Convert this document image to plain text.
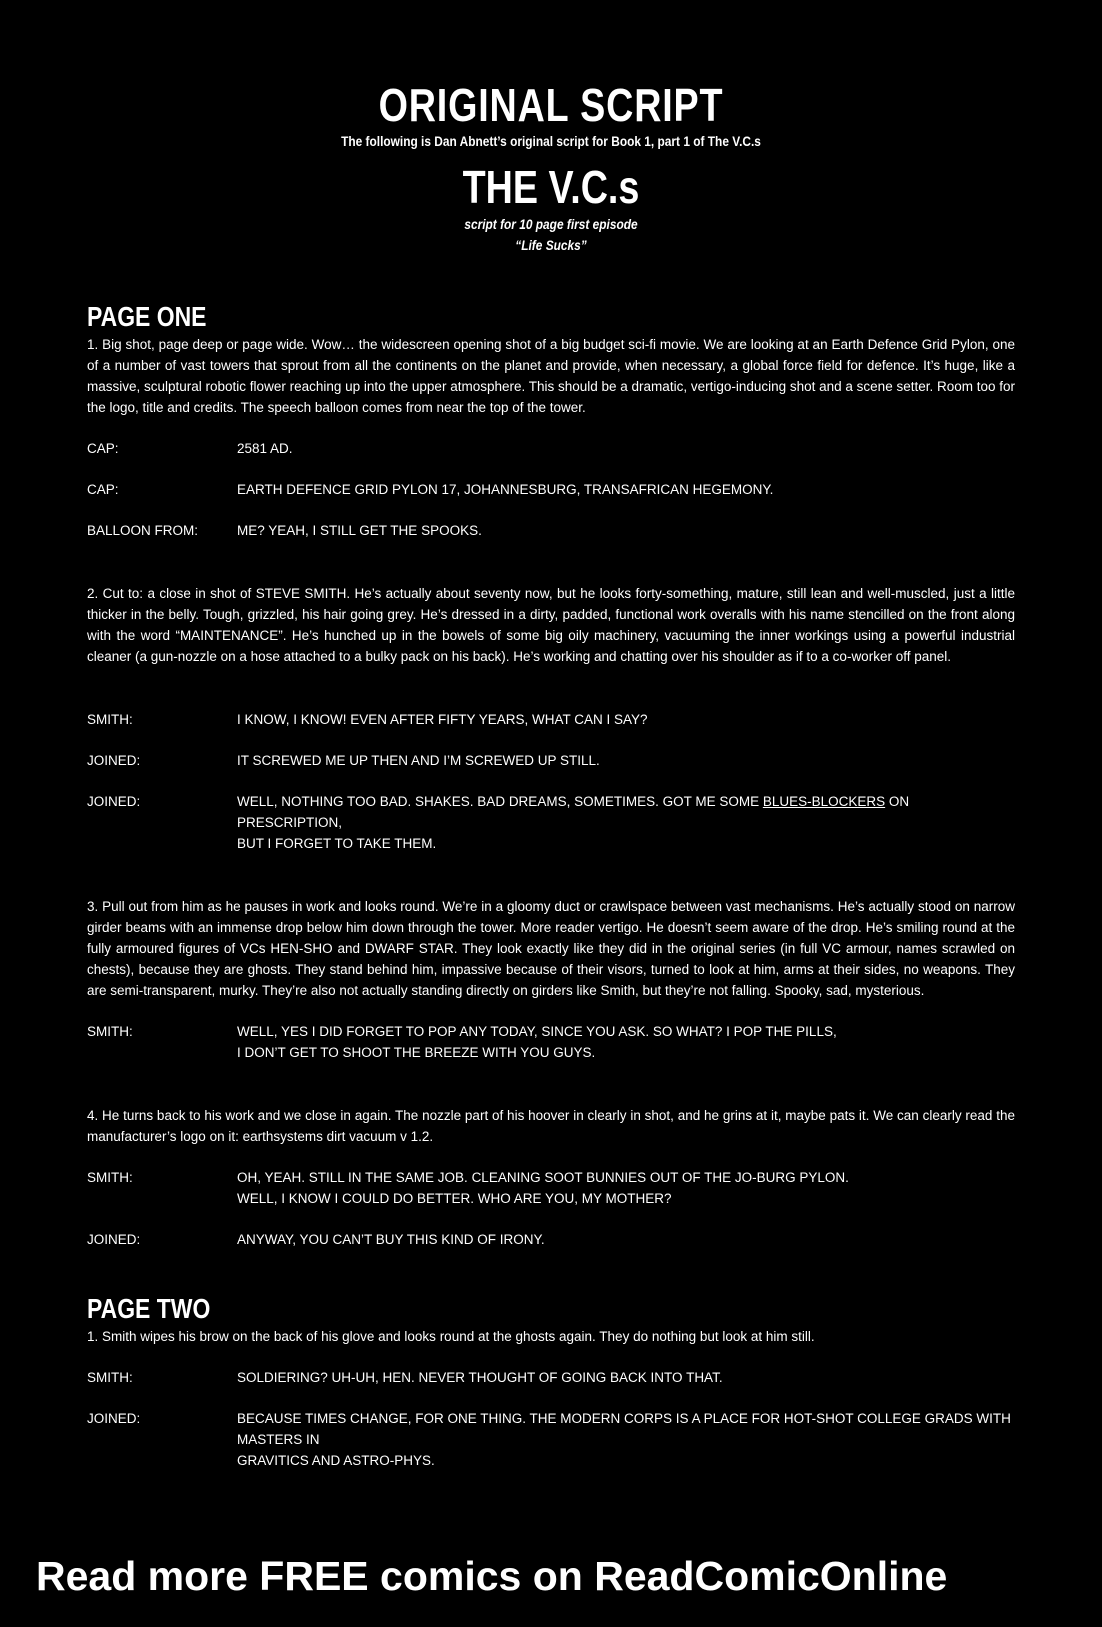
ORIGINAL SCRIPT
The following is Dan Abnett’s original script for Book 1, part 1 of The V.C.s
THE V.C.s
script for 10 page first episode
“Life Sucks”
PAGE ONE

1. Big shot, page deep or page wide. Wow… the widescreen opening shot of a big budget sci-fi movie. We are looking at an Earth Defence Grid Pylon, one of a number of vast towers that sprout from all the continents on the planet and provide, when necessary, a global force field for defence. It’s huge, like a massive, sculptural robotic flower reaching up into the upper atmosphere. This should be a dramatic, vertigo-inducing shot and a scene setter. Room too for the logo, title and credits. The speech balloon comes from near the top of the tower.

CAP:	2581 AD.
CAP:	EARTH DEFENCE GRID PYLON 17, JOHANNESBURG, TRANSAFRICAN HEGEMONY.
BALLOON FROM:	ME? YEAH, I STILL GET THE SPOOKS.

2. Cut to: a close in shot of STEVE SMITH. He’s actually about seventy now, but he looks forty-something, mature, still lean and well-muscled, just a little thicker in the belly. Tough, grizzled, his hair going grey. He’s dressed in a dirty, padded, functional work overalls with his name stencilled on the front along with the word “MAINTENANCE”. He’s hunched up in the bowels of some big oily machinery, vacuuming the inner workings using a powerful industrial cleaner (a gun-nozzle on a hose attached to a bulky pack on his back). He’s working and chatting over his shoulder as if to a co-worker off panel.

SMITH:	I KNOW, I KNOW! EVEN AFTER FIFTY YEARS, WHAT CAN I SAY?
JOINED:	IT SCREWED ME UP THEN AND I’M SCREWED UP STILL.
JOINED:	WELL, NOTHING TOO BAD. SHAKES. BAD DREAMS, SOMETIMES. GOT ME SOME BLUES-BLOCKERS ON PRESCRIPTION,
BUT I FORGET TO TAKE THEM.

3. Pull out from him as he pauses in work and looks round. We’re in a gloomy duct or crawlspace between vast mechanisms. He’s actually stood on narrow girder beams with an immense drop below him down through the tower. More reader vertigo. He doesn’t seem aware of the drop. He’s smiling round at the fully armoured figures of VCs HEN-SHO and DWARF STAR. They look exactly like they did in the original series (in full VC armour, names scrawled on chests), because they are ghosts. They stand behind him, impassive because of their visors, turned to look at him, arms at their sides, no weapons. They are semi-transparent, murky. They’re also not actually standing directly on girders like Smith, but they’re not falling. Spooky, sad, mysterious.

SMITH:	WELL, YES I DID FORGET TO POP ANY TODAY, SINCE YOU ASK. SO WHAT? I POP THE PILLS,
I DON’T GET TO SHOOT THE BREEZE WITH YOU GUYS.

4. He turns back to his work and we close in again. The nozzle part of his hoover in clearly in shot, and he grins at it, maybe pats it. We can clearly read the manufacturer’s logo on it: earthsystems dirt vacuum v 1.2.

SMITH:	OH, YEAH. STILL IN THE SAME JOB. CLEANING SOOT BUNNIES OUT OF THE JO-BURG PYLON.
WELL, I KNOW I COULD DO BETTER. WHO ARE YOU, MY MOTHER?
JOINED:	ANYWAY, YOU CAN’T BUY THIS KIND OF IRONY.
PAGE TWO

1. Smith wipes his brow on the back of his glove and looks round at the ghosts again. They do nothing but look at him still.

SMITH:	SOLDIERING? UH-UH, HEN. NEVER THOUGHT OF GOING BACK INTO THAT.
JOINED:	BECAUSE TIMES CHANGE, FOR ONE THING. THE MODERN CORPS IS A PLACE FOR HOT-SHOT COLLEGE GRADS WITH MASTERS IN
GRAVITICS AND ASTRO-PHYS.
Read more FREE comics on ReadComicOnline
